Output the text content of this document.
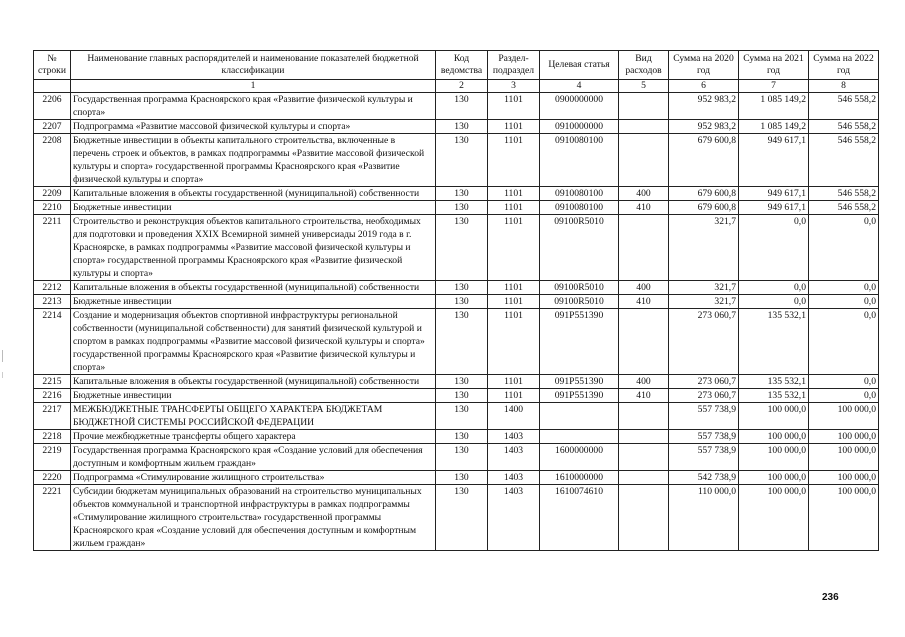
№ строки	Наименование главных распорядителей и наименование показателей бюджетной классификации	Код ведомства	Раздел-подраздел	Целевая статья	Вид расходов	Сумма на 2020 год	Сумма на 2021 год	Сумма на 2022 год
	1	2	3	4	5	6	7	8
2206	Государственная программа Красноярского края «Развитие физической культуры и спорта»	130	1101	0900000000		952 983,2	1 085 149,2	546 558,2
2207	Подпрограмма «Развитие массовой физической культуры и спорта»	130	1101	0910000000		952 983,2	1 085 149,2	546 558,2
2208	Бюджетные инвестиции в объекты капитального строительства, включенные в перечень строек и объектов, в рамках подпрограммы «Развитие массовой физической культуры и спорта» государственной программы Красноярского края «Развитие физической культуры и спорта»	130	1101	0910080100		679 600,8	949 617,1	546 558,2
2209	Капитальные вложения в объекты государственной (муниципальной) собственности	130	1101	0910080100	400	679 600,8	949 617,1	546 558,2
2210	Бюджетные инвестиции	130	1101	0910080100	410	679 600,8	949 617,1	546 558,2
2211	Строительство и реконструкция объектов капитального строительства, необходимых для подготовки и проведения XXIX Всемирной зимней универсиады 2019 года в г. Красноярске, в рамках подпрограммы «Развитие массовой физической культуры и спорта» государственной программы Красноярского края «Развитие физической культуры и спорта»	130	1101	09100R5010		321,7	0,0	0,0
2212	Капитальные вложения в объекты государственной (муниципальной) собственности	130	1101	09100R5010	400	321,7	0,0	0,0
2213	Бюджетные инвестиции	130	1101	09100R5010	410	321,7	0,0	0,0
2214	Создание и модернизация объектов спортивной инфраструктуры региональной собственности (муниципальной собственности) для занятий физической культурой и спортом в рамках подпрограммы «Развитие массовой физической культуры и спорта» государственной программы Красноярского края «Развитие физической культуры и спорта»	130	1101	091P551390		273 060,7	135 532,1	0,0
2215	Капитальные вложения в объекты государственной (муниципальной) собственности	130	1101	091P551390	400	273 060,7	135 532,1	0,0
2216	Бюджетные инвестиции	130	1101	091P551390	410	273 060,7	135 532,1	0,0
2217	МЕЖБЮДЖЕТНЫЕ ТРАНСФЕРТЫ ОБЩЕГО ХАРАКТЕРА БЮДЖЕТАМ БЮДЖЕТНОЙ СИСТЕМЫ РОССИЙСКОЙ ФЕДЕРАЦИИ	130	1400			557 738,9	100 000,0	100 000,0
2218	Прочие межбюджетные трансферты общего характера	130	1403			557 738,9	100 000,0	100 000,0
2219	Государственная программа Красноярского края «Создание условий для обеспечения доступным и комфортным жильем граждан»	130	1403	1600000000		557 738,9	100 000,0	100 000,0
2220	Подпрограмма «Стимулирование жилищного строительства»	130	1403	1610000000		542 738,9	100 000,0	100 000,0
2221	Субсидии бюджетам муниципальных образований на строительство муниципальных объектов коммунальной и транспортной инфраструктуры в рамках подпрограммы «Стимулирование жилищного строительства» государственной программы Красноярского края «Создание условий для обеспечения доступным и комфортным жильем граждан»	130	1403	1610074610		110 000,0	100 000,0	100 000,0
236
